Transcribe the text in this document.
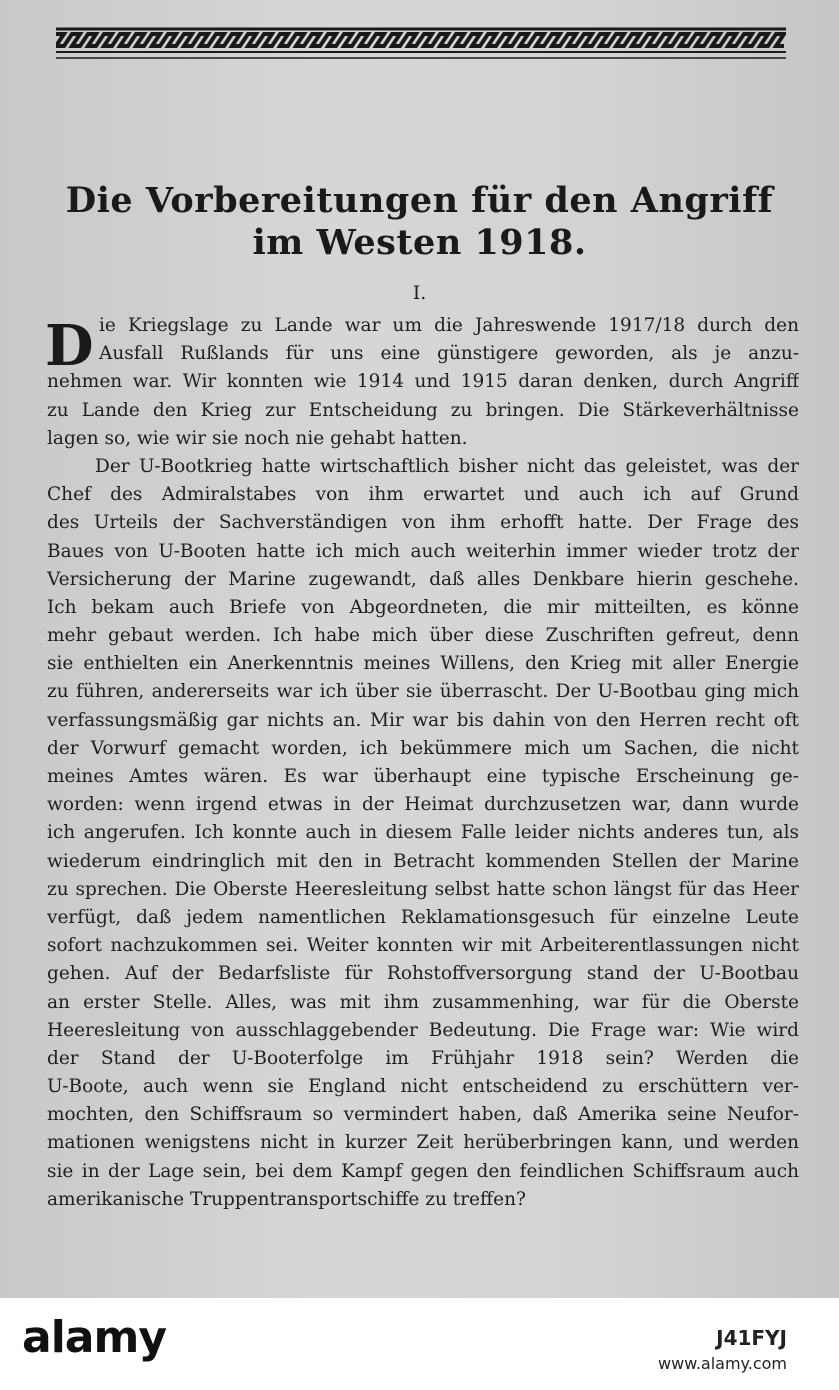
Die Vorbereitungen für den Angriff
im Westen 1918.
I.
D ie Kriegslage zu Lande war um die Jahreswende 1917/18 durch den
Ausfall Rußlands für uns eine günstigere geworden, als je anzu-
nehmen war. Wir konnten wie 1914 und 1915 daran denken, durch Angriff
zu Lande den Krieg zur Entscheidung zu bringen. Die Stärkeverhältnisse
lagen so, wie wir sie noch nie gehabt hatten.
Der U-Bootkrieg hatte wirtschaftlich bisher nicht das geleistet, was der
Chef des Admiralstabes von ihm erwartet und auch ich auf Grund
des Urteils der Sachverständigen von ihm erhofft hatte. Der Frage des
Baues von U-Booten hatte ich mich auch weiterhin immer wieder trotz der
Versicherung der Marine zugewandt, daß alles Denkbare hierin geschehe.
Ich bekam auch Briefe von Abgeordneten, die mir mitteilten, es könne
mehr gebaut werden. Ich habe mich über diese Zuschriften gefreut, denn
sie enthielten ein Anerkenntnis meines Willens, den Krieg mit aller Energie
zu führen, andererseits war ich über sie überrascht. Der U-Bootbau ging mich
verfassungsmäßig gar nichts an. Mir war bis dahin von den Herren recht oft
der Vorwurf gemacht worden, ich bekümmere mich um Sachen, die nicht
meines Amtes wären. Es war überhaupt eine typische Erscheinung ge-
worden: wenn irgend etwas in der Heimat durchzusetzen war, dann wurde
ich angerufen. Ich konnte auch in diesem Falle leider nichts anderes tun, als
wiederum eindringlich mit den in Betracht kommenden Stellen der Marine
zu sprechen. Die Oberste Heeresleitung selbst hatte schon längst für das Heer
verfügt, daß jedem namentlichen Reklamationsgesuch für einzelne Leute
sofort nachzukommen sei. Weiter konnten wir mit Arbeiterentlassungen nicht
gehen. Auf der Bedarfsliste für Rohstoffversorgung stand der U-Bootbau
an erster Stelle. Alles, was mit ihm zusammenhing, war für die Oberste
Heeresleitung von ausschlaggebender Bedeutung. Die Frage war: Wie wird
der Stand der U-Booterfolge im Frühjahr 1918 sein? Werden die
U-Boote, auch wenn sie England nicht entscheidend zu erschüttern ver-
mochten, den Schiffsraum so vermindert haben, daß Amerika seine Neufor-
mationen wenigstens nicht in kurzer Zeit herüberbringen kann, und werden
sie in der Lage sein, bei dem Kampf gegen den feindlichen Schiffsraum auch
amerikanische Truppentransportschiffe zu treffen?
alamy	J41FYJ
www.alamy.com
